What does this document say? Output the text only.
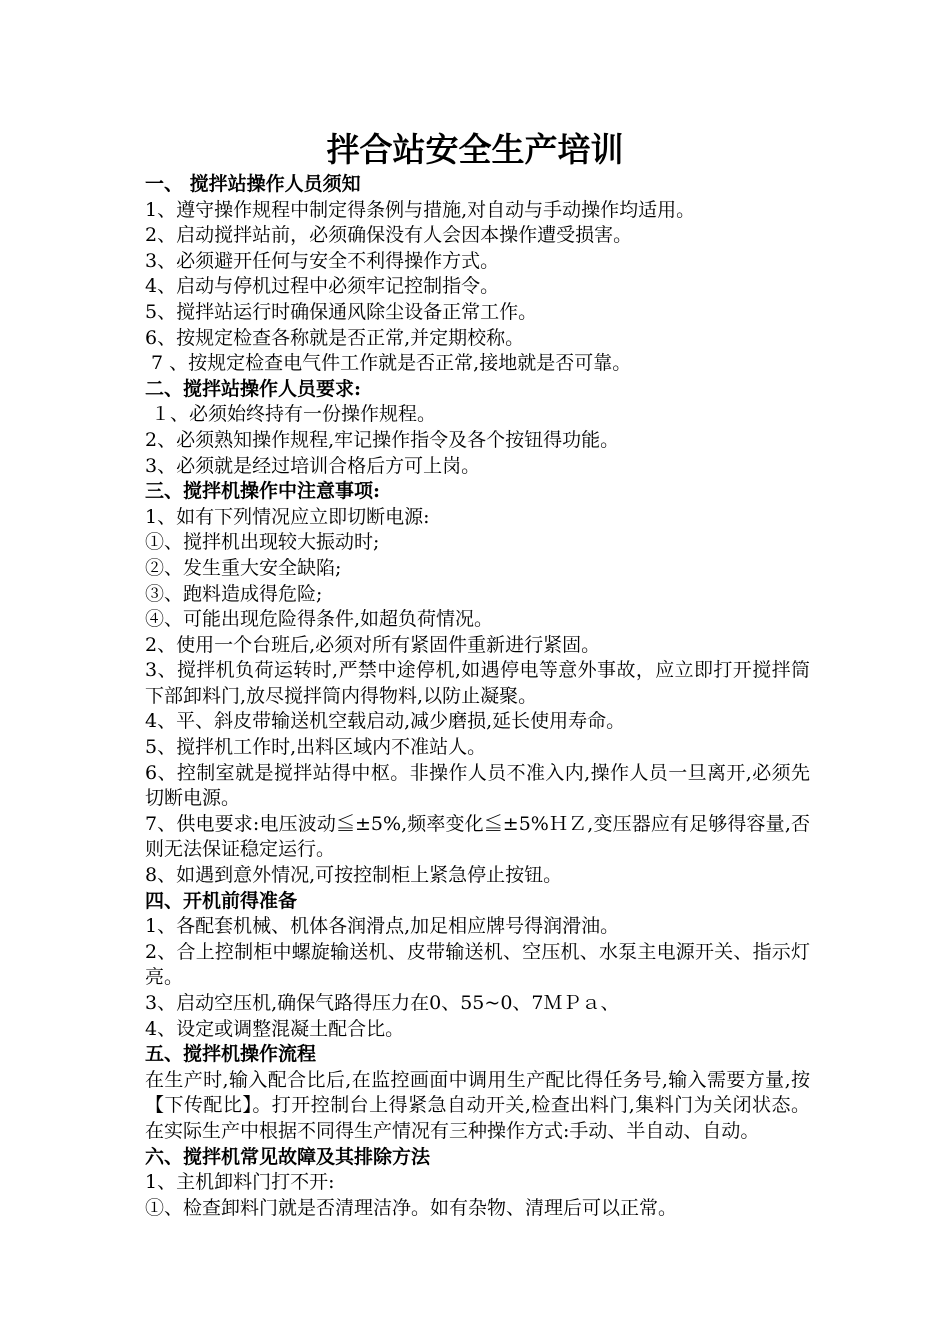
拌合站安全生产培训
一、 搅拌站操作人员须知
1、遵守操作规程中制定得条例与措施,对自动与手动操作均适用。
2、启动搅拌站前，必须确保没有人会因本操作遭受损害。
3、必须避开任何与安全不利得操作方式。
4、启动与停机过程中必须牢记控制指令。
5、搅拌站运行时确保通风除尘设备正常工作。
6、按规定检查各称就是否正常,并定期校称。
7 、按规定检查电气件工作就是否正常,接地就是否可靠。
二、搅拌站操作人员要求:
１、必须始终持有一份操作规程。
2、必须熟知操作规程,牢记操作指令及各个按钮得功能。
3、必须就是经过培训合格后方可上岗。
三、搅拌机操作中注意事项:
1、如有下列情况应立即切断电源:
①、搅拌机出现较大振动时;
②、发生重大安全缺陷;
③、跑料造成得危险;
④、可能出现危险得条件,如超负荷情况。
2、使用一个台班后,必须对所有紧固件重新进行紧固。
3、搅拌机负荷运转时,严禁中途停机,如遇停电等意外事故，应立即打开搅拌筒下部卸料门,放尽搅拌筒内得物料,以防止凝聚。
4、平、斜皮带输送机空载启动,减少磨损,延长使用寿命。
5、搅拌机工作时,出料区域内不准站人。
6、控制室就是搅拌站得中枢。非操作人员不准入内,操作人员一旦离开,必须先切断电源。
7、供电要求:电压波动≦±5%,频率变化≦±5%ＨＺ,变压器应有足够得容量,否则无法保证稳定运行。
8、如遇到意外情况,可按控制柜上紧急停止按钮。
四、开机前得准备
1、各配套机械、机体各润滑点,加足相应牌号得润滑油。
2、合上控制柜中螺旋输送机、皮带输送机、空压机、水泵主电源开关、指示灯亮。
3、启动空压机,确保气路得压力在0、55~0、7ＭＰａ、
4、设定或调整混凝土配合比。
五、搅拌机操作流程
在生产时,输入配合比后,在监控画面中调用生产配比得任务号,输入需要方量,按【下传配比】。打开控制台上得紧急自动开关,检查出料门,集料门为关闭状态。在实际生产中根据不同得生产情况有三种操作方式:手动、半自动、自动。
六、搅拌机常见故障及其排除方法
1、主机卸料门打不开:
①、检查卸料门就是否清理洁净。如有杂物、清理后可以正常。
